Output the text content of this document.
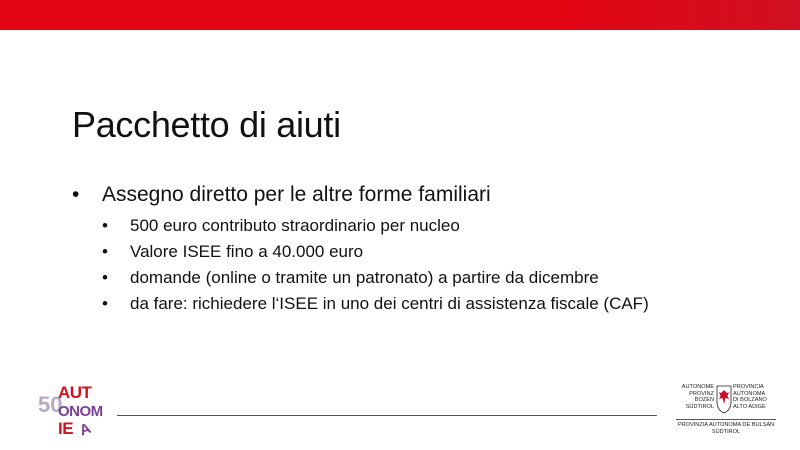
Pacchetto di aiuti
• Assegno diretto per le altre forme familiari
• 500 euro contributo straordinario per nucleo
• Valore ISEE fino a 40.000 euro
• domande (online o tramite un patronato) a partire da dicembre
• da fare: richiedere l‘ISEE in uno dei centri di assistenza fiscale (CAF)
50
AUT
ONOM
IE A
AUTONOME
PROVINZ
BOZEN
SÜDTIROL
PROVINCIA
AUTONOMA
DI BOLZANO
ALTO ADIGE
PROVINZIA AUTONOMA DE BULSAN
SÜDTIROL
